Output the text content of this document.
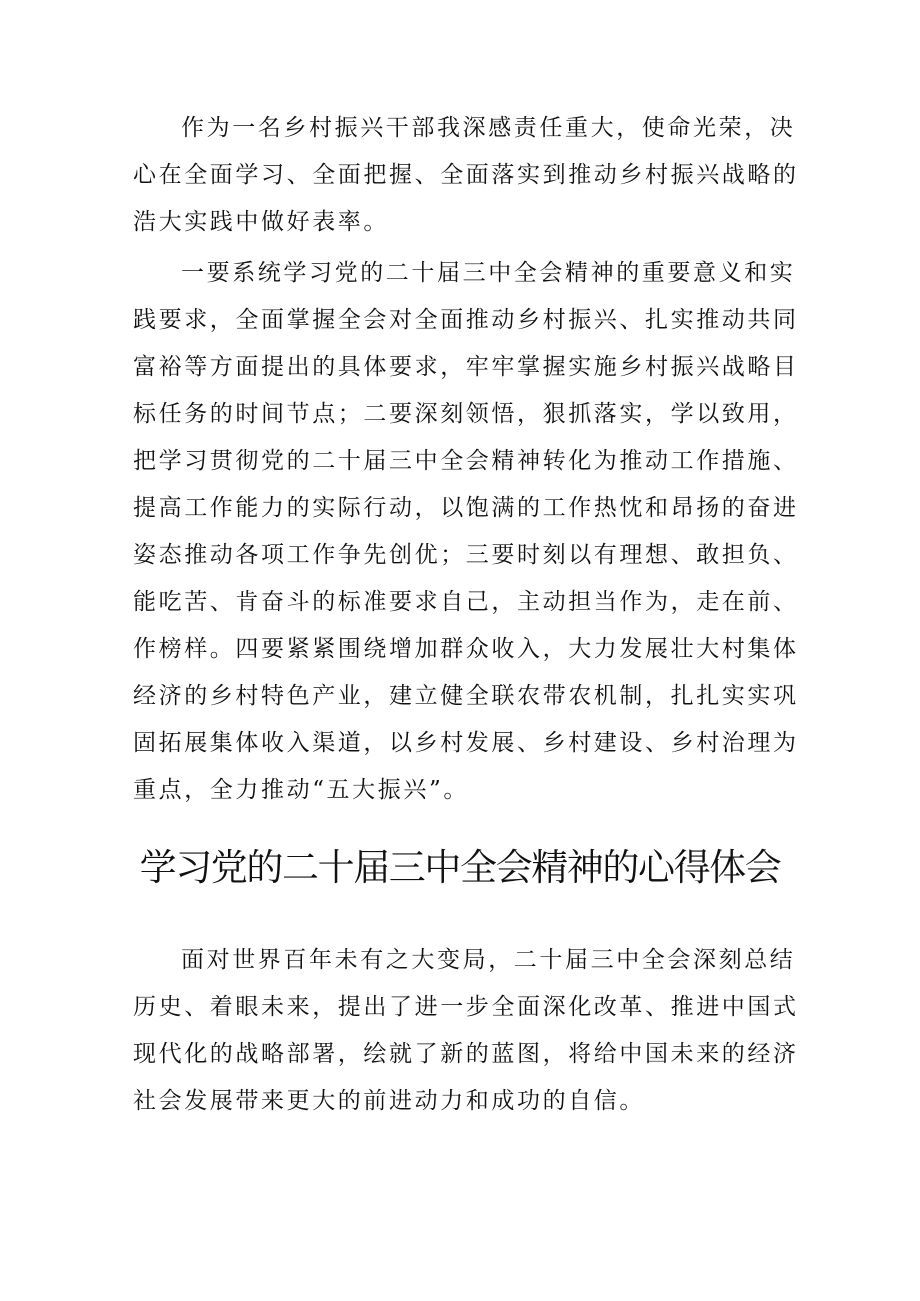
作为一名乡村振兴干部我深感责任重大，使命光荣，决心在全面学习、全面把握、全面落实到推动乡村振兴战略的浩大实践中做好表率。

一要系统学习党的二十届三中全会精神的重要意义和实践要求，全面掌握全会对全面推动乡村振兴、扎实推动共同富裕等方面提出的具体要求，牢牢掌握实施乡村振兴战略目标任务的时间节点；二要深刻领悟，狠抓落实，学以致用，把学习贯彻党的二十届三中全会精神转化为推动工作措施、提高工作能力的实际行动，以饱满的工作热忱和昂扬的奋进姿态推动各项工作争先创优；三要时刻以有理想、敢担负、能吃苦、肯奋斗的标准要求自己，主动担当作为，走在前、作榜样。四要紧紧围绕增加群众收入，大力发展壮大村集体经济的乡村特色产业，建立健全联农带农机制，扎扎实实巩固拓展集体收入渠道，以乡村发展、乡村建设、乡村治理为重点，全力推动“五大振兴”。

学习党的二十届三中全会精神的心得体会

面对世界百年未有之大变局，二十届三中全会深刻总结历史、着眼未来，提出了进一步全面深化改革、推进中国式现代化的战略部署，绘就了新的蓝图，将给中国未来的经济社会发展带来更大的前进动力和成功的自信。
